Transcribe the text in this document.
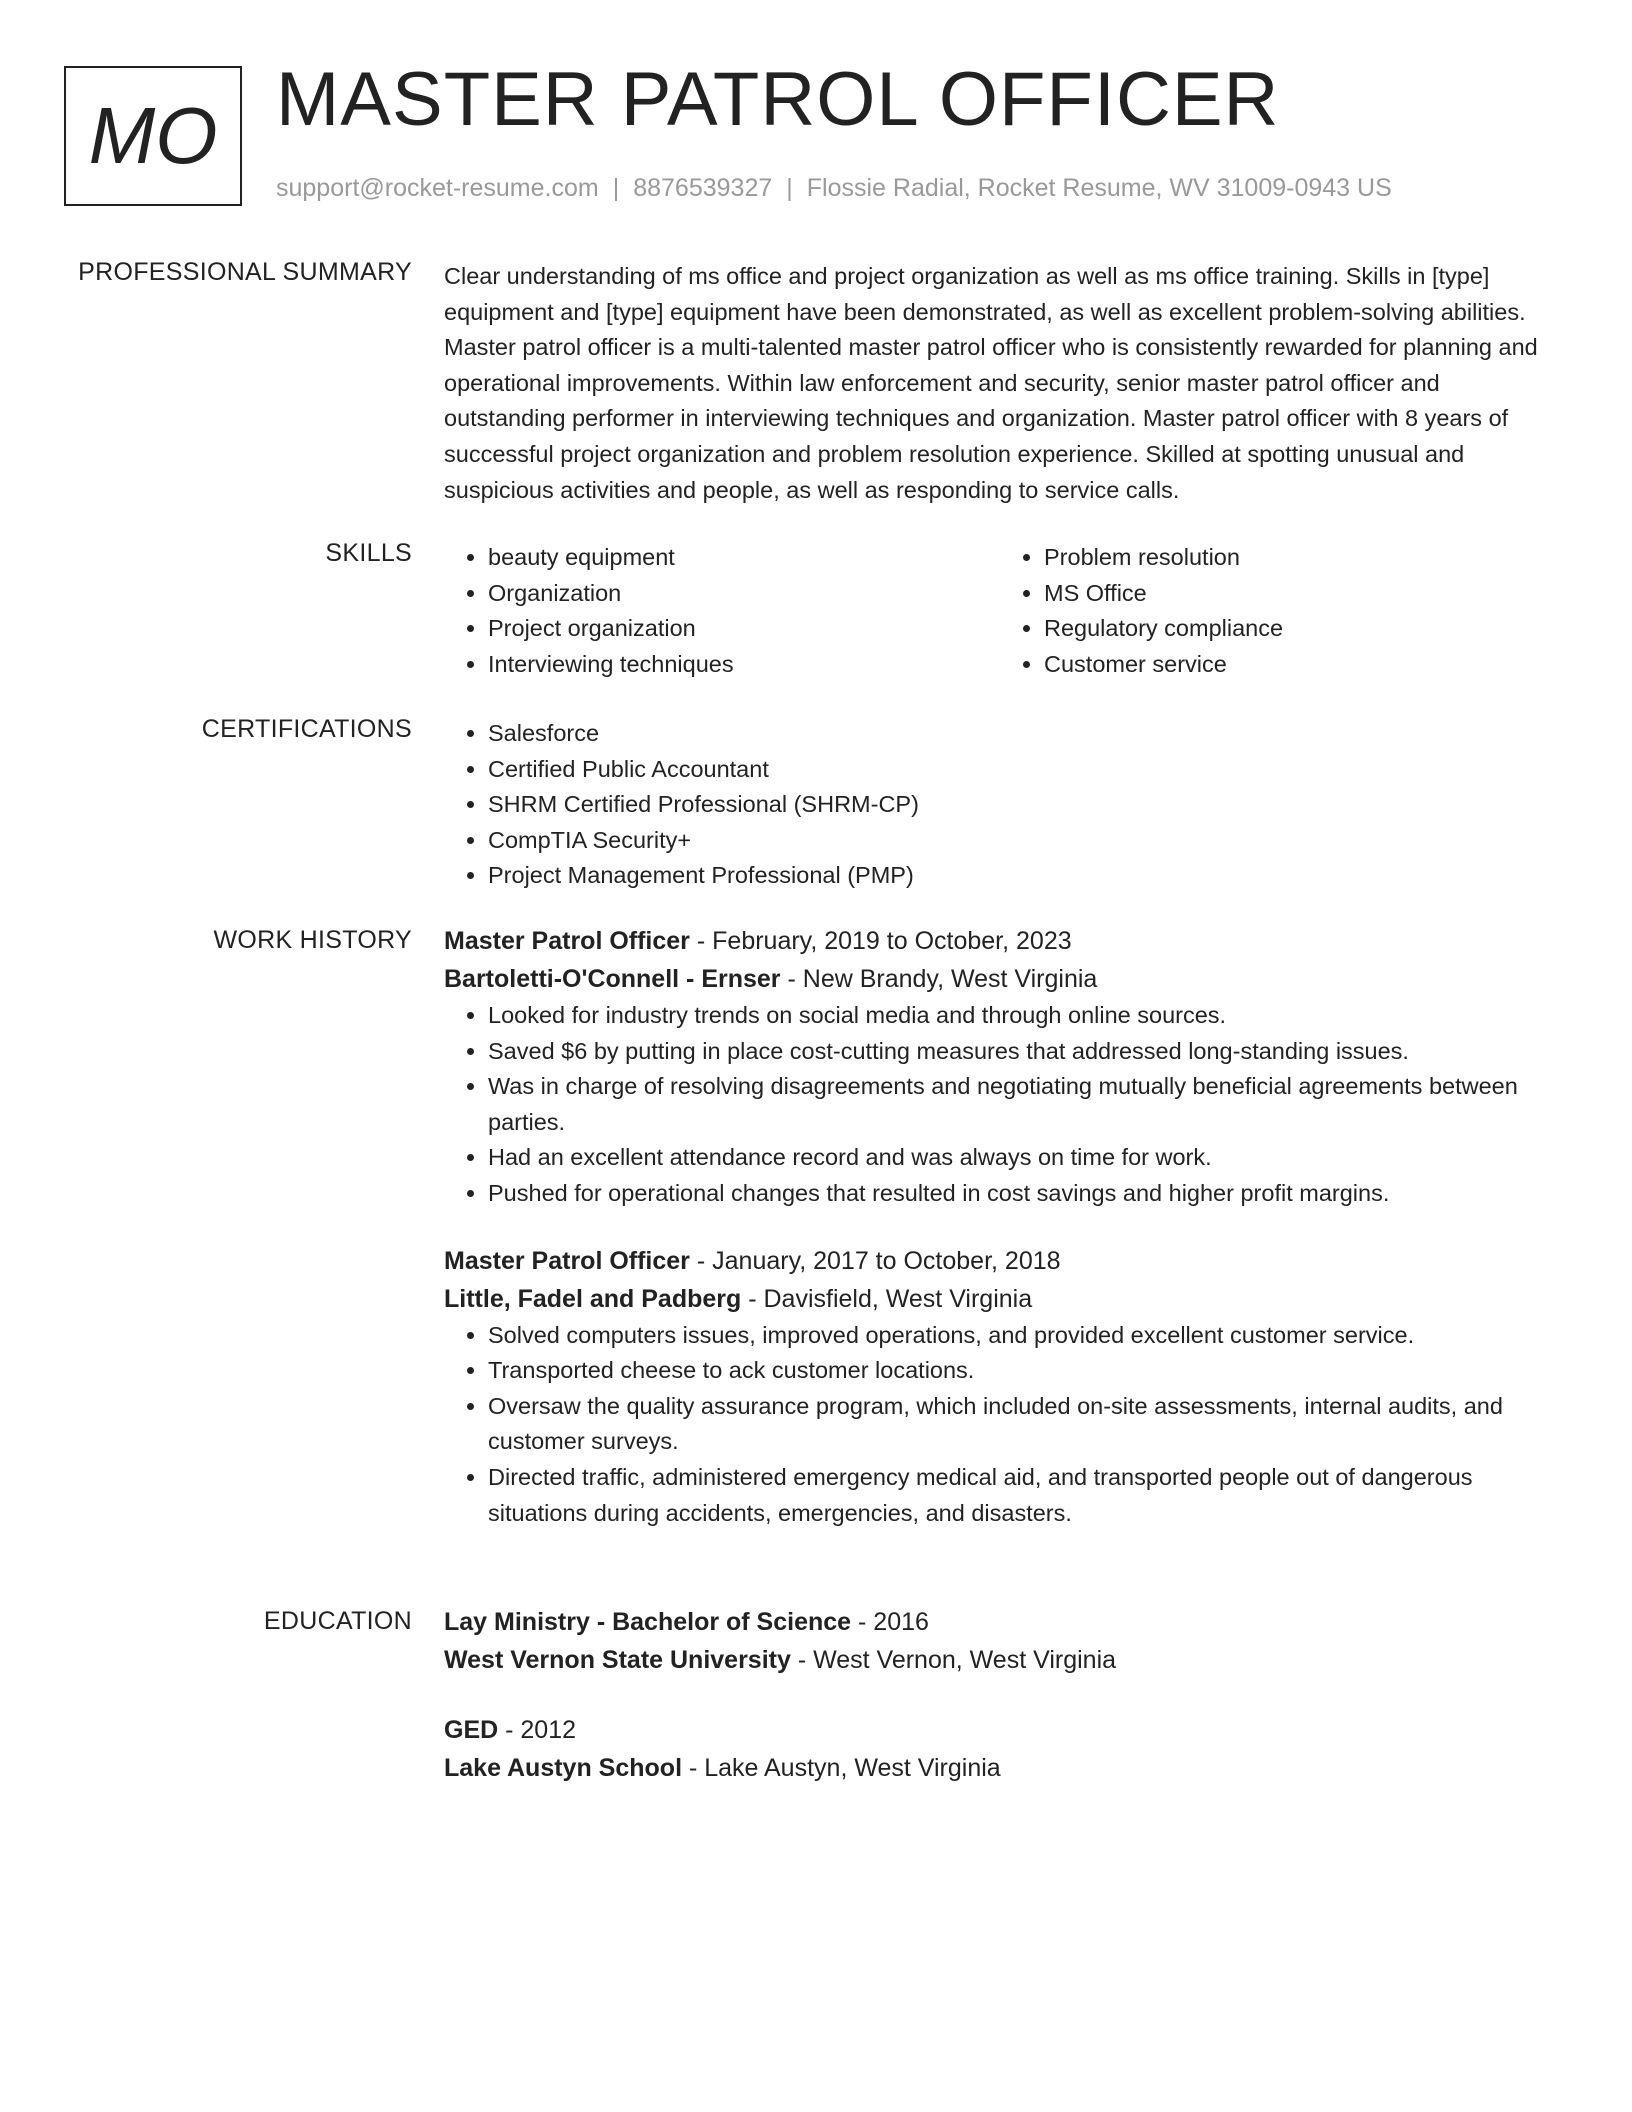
MO MASTER PATROL OFFICER
support@rocket-resume.com | 8876539327 | Flossie Radial, Rocket Resume, WV 31009-0943 US
PROFESSIONAL SUMMARY Clear understanding of ms office and project organization as well as ms office training. Skills in [type] equipment and [type] equipment have been demonstrated, as well as excellent problem-solving abilities. Master patrol officer is a multi-talented master patrol officer who is consistently rewarded for planning and operational improvements. Within law enforcement and security, senior master patrol officer and outstanding performer in interviewing techniques and organization. Master patrol officer with 8 years of successful project organization and problem resolution experience. Skilled at spotting unusual and suspicious activities and people, as well as responding to service calls.

SKILLS	• beauty equipment
• Organization
• Project organization
• Interviewing techniques
• Problem resolution
• MS Office
• Regulatory compliance
• Customer service
CERTIFICATIONS	• Salesforce
• Certified Public Accountant
• SHRM Certified Professional (SHRM-CP)
• CompTIA Security+
• Project Management Professional (PMP)
WORK HISTORY Master Patrol Officer - February, 2019 to October, 2023
Bartoletti-O'Connell - Ernser - New Brandy, West Virginia
• Looked for industry trends on social media and through online sources.
• Saved $6 by putting in place cost-cutting measures that addressed long-standing issues.
• Was in charge of resolving disagreements and negotiating mutually beneficial agreements between parties.
• Had an excellent attendance record and was always on time for work.
• Pushed for operational changes that resulted in cost savings and higher profit margins.
Master Patrol Officer - January, 2017 to October, 2018
Little, Fadel and Padberg - Davisfield, West Virginia
• Solved computers issues, improved operations, and provided excellent customer service.
• Transported cheese to ack customer locations.
• Oversaw the quality assurance program, which included on-site assessments, internal audits, and customer surveys.
• Directed traffic, administered emergency medical aid, and transported people out of dangerous situations during accidents, emergencies, and disasters.
EDUCATION Lay Ministry - Bachelor of Science - 2016
West Vernon State University - West Vernon, West Virginia
GED - 2012
Lake Austyn School - Lake Austyn, West Virginia
